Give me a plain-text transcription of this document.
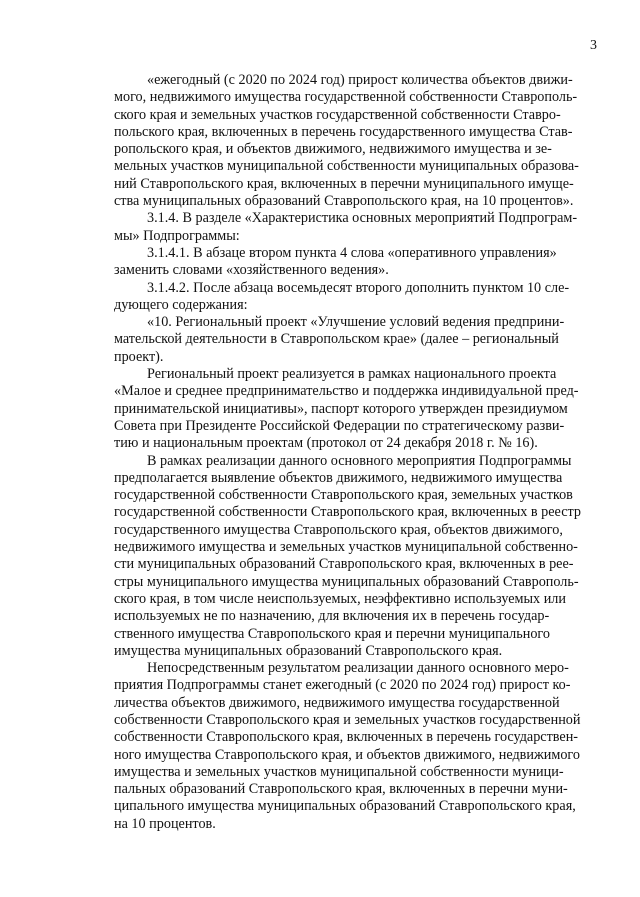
3

«ежегодный (с 2020 по 2024 год) прирост количества объектов движи-
мого, недвижимого имущества государственной собственности Ставрополь-
ского края и земельных участков государственной собственности Ставро-
польского края, включенных в перечень государственного имущества Став-
ропольского края, и объектов движимого, недвижимого имущества и зе-
мельных участков муниципальной собственности муниципальных образова-
ний Ставропольского края, включенных в перечни муниципального имуще-
ства муниципальных образований Ставропольского края, на 10 процентов».

3.1.4. В разделе «Характеристика основных мероприятий Подпрограм-
мы» Подпрограммы:

3.1.4.1. В абзаце втором пункта 4 слова «оперативного управления»
заменить словами «хозяйственного ведения».

3.1.4.2. После абзаца восемьдесят второго дополнить пунктом 10 сле-
дующего содержания:

«10. Региональный проект «Улучшение условий ведения предприни-
мательской деятельности в Ставропольском крае» (далее – региональный
проект).

Региональный проект реализуется в рамках национального проекта
«Малое и среднее предпринимательство и поддержка индивидуальной пред-
принимательской инициативы», паспорт которого утвержден президиумом
Совета при Президенте Российской Федерации по стратегическому разви-
тию и национальным проектам (протокол от 24 декабря 2018 г. № 16).

В рамках реализации данного основного мероприятия Подпрограммы
предполагается выявление объектов движимого, недвижимого имущества
государственной собственности Ставропольского края, земельных участков
государственной собственности Ставропольского края, включенных в реестр
государственного имущества Ставропольского края, объектов движимого,
недвижимого имущества и земельных участков муниципальной собственно-
сти муниципальных образований Ставропольского края, включенных в рее-
стры муниципального имущества муниципальных образований Ставрополь-
ского края, в том числе неиспользуемых, неэффективно используемых или
используемых не по назначению, для включения их в перечень государ-
ственного имущества Ставропольского края и перечни муниципального
имущества муниципальных образований Ставропольского края.

Непосредственным результатом реализации данного основного меро-
приятия Подпрограммы станет ежегодный (с 2020 по 2024 год) прирост ко-
личества объектов движимого, недвижимого имущества государственной
собственности Ставропольского края и земельных участков государственной
собственности Ставропольского края, включенных в перечень государствен-
ного имущества Ставропольского края, и объектов движимого, недвижимого
имущества и земельных участков муниципальной собственности муници-
пальных образований Ставропольского края, включенных в перечни муни-
ципального имущества муниципальных образований Ставропольского края,
на 10 процентов.
